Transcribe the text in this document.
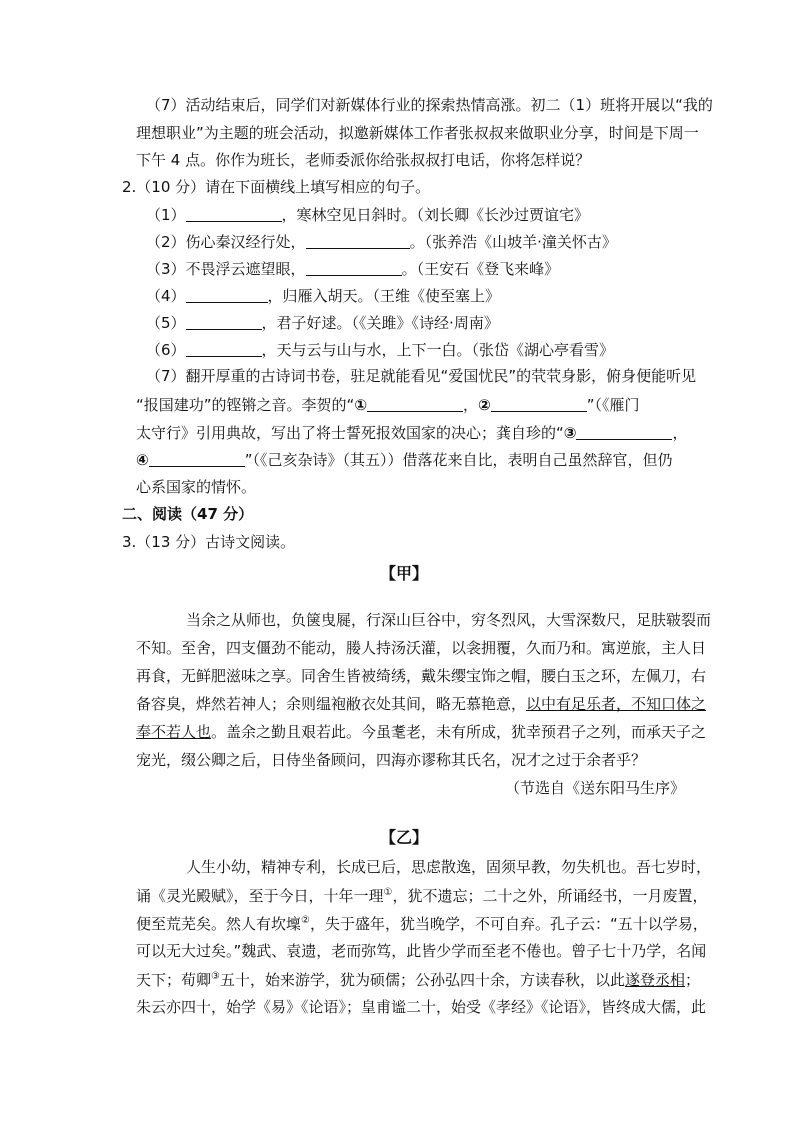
（7）活动结束后，同学们对新媒体行业的探索热情高涨。初二（1）班将开展以“我的
理想职业”为主题的班会活动，拟邀新媒体工作者张叔叔来做职业分享，时间是下周一
下午 4 点。你作为班长，老师委派你给张叔叔打电话，你将怎样说？
2.（10 分）请在下面横线上填写相应的句子。
（1）	，寒林空见日斜时。（刘长卿《长沙过贾谊宅》
（2）伤心秦汉经行处，	。（张养浩《山坡羊·潼关怀古》
（3）不畏浮云遮望眼，	。（王安石《登飞来峰》
（4）	，归雁入胡天。（王维《使至塞上》
（5）	，君子好逑。（《关雎》《诗经·周南》
（6）	，天与云与山与水，上下一白。（张岱《湖心亭看雪》
（7）翻开厚重的古诗词书卷，驻足就能看见“爱国忧民”的茕茕身影，俯身便能听见
“报国建功”的铿锵之音。李贺的“①	，②	”（《雁门
太守行》引用典故，写出了将士誓死报效国家的决心；龚自珍的“③	，
④	”（《己亥杂诗》（其五））借落花来自比，表明自己虽然辞官，但仍
心系国家的情怀。
二、阅读（47 分）
3.（13 分）古诗文阅读。
【甲】
当余之从师也，负箧曳屣，行深山巨谷中，穷冬烈风，大雪深数尺，足肤皲裂而
不知。至舍，四支僵劲不能动，媵人持汤沃灌，以衾拥覆，久而乃和。寓逆旅，主人日
再食，无鲜肥滋味之享。同舍生皆被绮绣，戴朱缨宝饰之帽，腰白玉之环，左佩刀，右
备容臭，烨然若神人；余则缊袍敝衣处其间，略无慕艳意，以中有足乐者，不知口体之
奉不若人也。盖余之勤且艰若此。今虽耄老，未有所成，犹幸预君子之列，而承天子之
宠光，缀公卿之后，日侍坐备顾问，四海亦谬称其氏名，况才之过于余者乎？
（节选自《送东阳马生序》
【乙】
人生小幼，精神专利，长成已后，思虑散逸，固须早教，勿失机也。吾七岁时，
诵《灵光殿赋》，至于今日，十年一理①，犹不遗忘；二十之外，所诵经书，一月废置，
便至荒芜矣。然人有坎壈②，失于盛年，犹当晚学，不可自弃。孔子云：“五十以学易，
可以无大过矣。”魏武、袁遗，老而弥笃，此皆少学而至老不倦也。曾子七十乃学，名闻
天下；荀卿③五十，始来游学，犹为硕儒；公孙弘四十余，方读春秋，以此遂登丞相；
朱云亦四十，始学《易》《论语》；皇甫谧二十，始受《孝经》《论语》，皆终成大儒，此
